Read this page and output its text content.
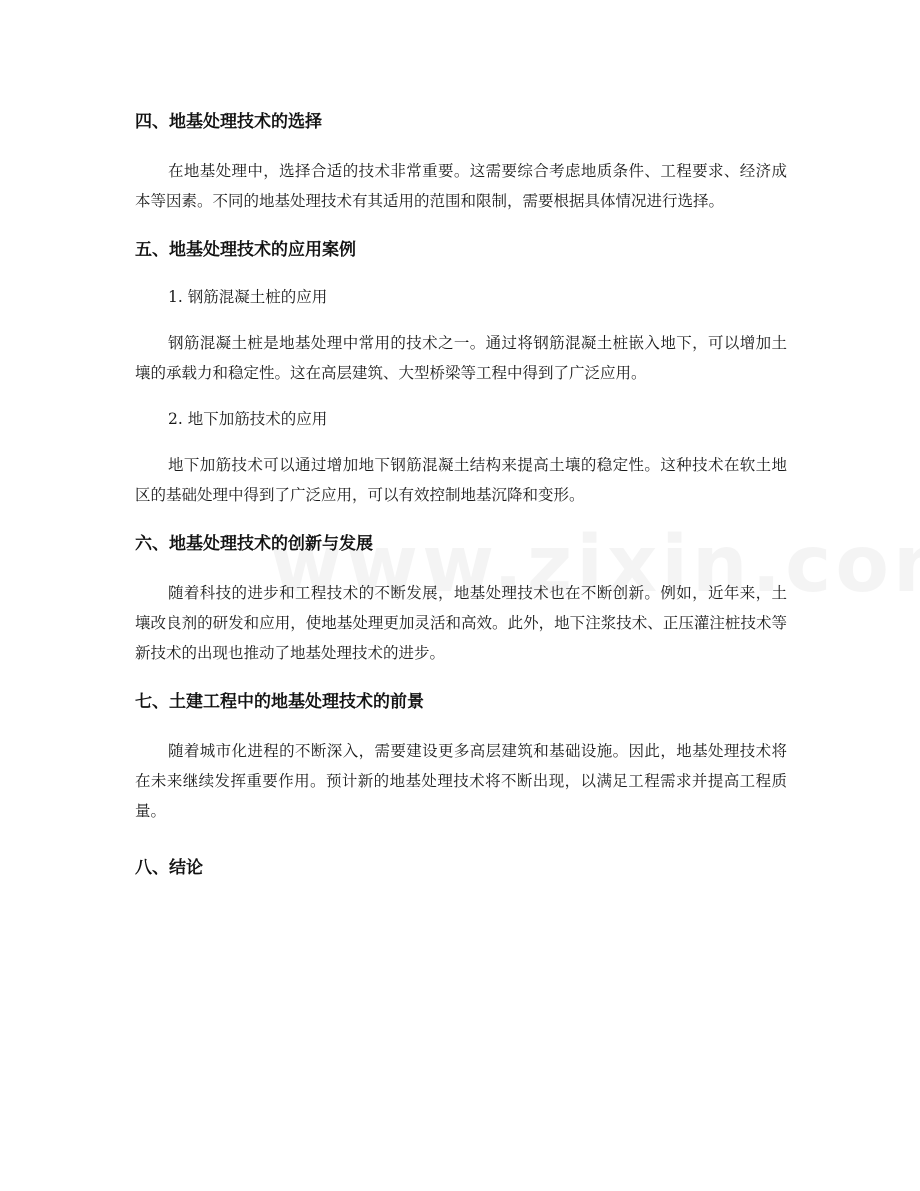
四、地基处理技术的选择

在地基处理中，选择合适的技术非常重要。这需要综合考虑地质条件、工程要求、经济成本等因素。不同的地基处理技术有其适用的范围和限制，需要根据具体情况进行选择。

五、地基处理技术的应用案例

1. 钢筋混凝土桩的应用

钢筋混凝土桩是地基处理中常用的技术之一。通过将钢筋混凝土桩嵌入地下，可以增加土壤的承载力和稳定性。这在高层建筑、大型桥梁等工程中得到了广泛应用。

2. 地下加筋技术的应用

地下加筋技术可以通过增加地下钢筋混凝土结构来提高土壤的稳定性。这种技术在软土地区的基础处理中得到了广泛应用，可以有效控制地基沉降和变形。

六、地基处理技术的创新与发展

随着科技的进步和工程技术的不断发展，地基处理技术也在不断创新。例如，近年来，土壤改良剂的研发和应用，使地基处理更加灵活和高效。此外，地下注浆技术、正压灌注桩技术等新技术的出现也推动了地基处理技术的进步。

七、土建工程中的地基处理技术的前景

随着城市化进程的不断深入，需要建设更多高层建筑和基础设施。因此，地基处理技术将在未来继续发挥重要作用。预计新的地基处理技术将不断出现，以满足工程需求并提高工程质量。

八、结论
